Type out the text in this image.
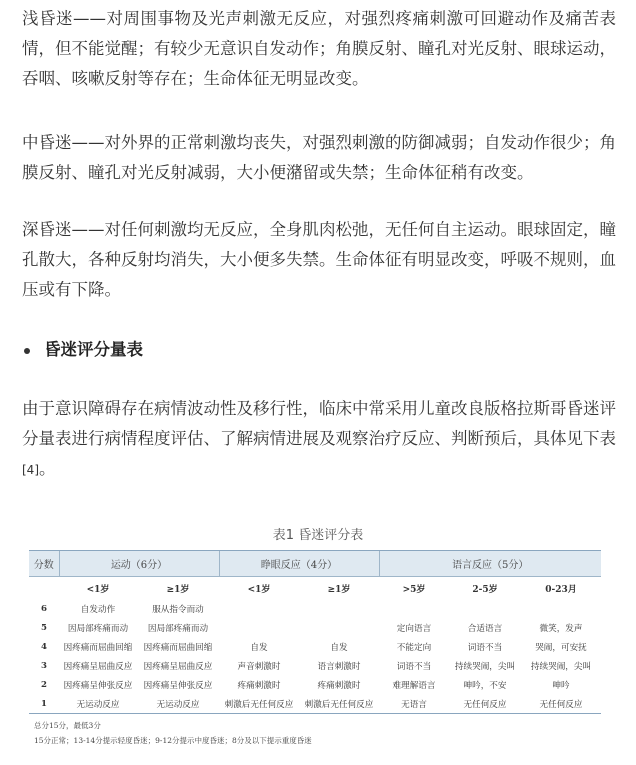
浅昏迷——对周围事物及光声刺激无反应，对强烈疼痛刺激可回避动作及痛苦表情，但不能觉醒；有较少无意识自发动作；角膜反射、瞳孔对光反射、眼球运动，吞咽、咳嗽反射等存在；生命体征无明显改变。

中昏迷——对外界的正常刺激均丧失，对强烈刺激的防御减弱；自发动作很少；角膜反射、瞳孔对光反射减弱，大小便潴留或失禁；生命体征稍有改变。

深昏迷——对任何刺激均无反应，全身肌肉松弛，无任何自主运动。眼球固定，瞳孔散大，各种反射均消失，大小便多失禁。生命体征有明显改变，呼吸不规则，血压或有下降。

昏迷评分量表

由于意识障碍存在病情波动性及移行性，临床中常采用儿童改良版格拉斯哥昏迷评分量表进行病情程度评估、了解病情进展及观察治疗反应、判断预后，具体见下表[4]。

表1 昏迷评分表
分数	运动（6分）		睁眼反应（4分）		语言反应（5分）		
	<1岁	≥1岁	<1岁	≥1岁	>5岁	2-5岁	0-23月
6	自发动作	服从指令而动					
5	因局部疼痛而动	因局部疼痛而动			定向语言	合适语言	微笑，发声
4	因疼痛而屈曲回缩	因疼痛而屈曲回缩	自发	自发	不能定向	词语不当	哭闹，可安抚
3	因疼痛呈屈曲反应	因疼痛呈屈曲反应	声音刺激时	语言刺激时	词语不当	持续哭闹，尖叫	持续哭闹，尖叫
2	因疼痛呈伸张反应	因疼痛呈伸张反应	疼痛刺激时	疼痛刺激时	难理解语言	呻吟，不安	呻吟
1	无运动反应	无运动反应	刺激后无任何反应	刺激后无任何反应	无语言	无任何反应	无任何反应
总分15分，最低3分
15分正常；13-14分提示轻度昏迷；9-12分提示中度昏迷；8分及以下提示重度昏迷
